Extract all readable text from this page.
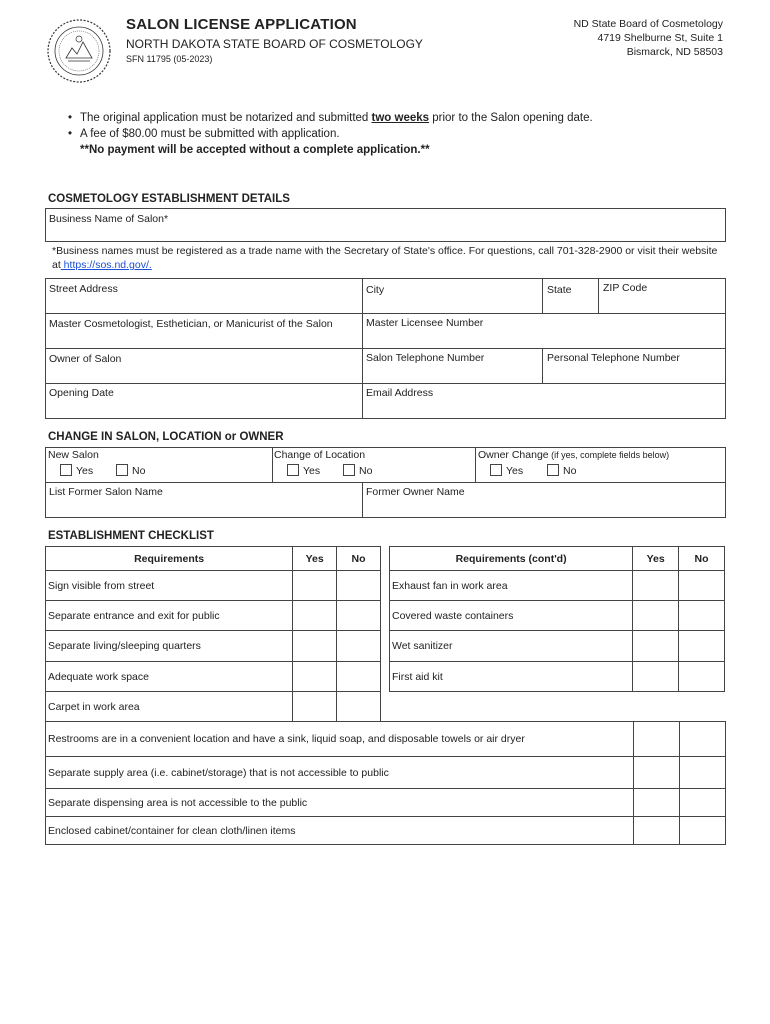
SALON LICENSE APPLICATION
NORTH DAKOTA STATE BOARD OF COSMETOLOGY
SFN 11795 (05-2023)
ND State Board of Cosmetology
4719 Shelburne St, Suite 1
Bismarck, ND 58503
• The original application must be notarized and submitted two weeks prior to the Salon opening date.
• A fee of $80.00 must be submitted with application.
**No payment will be accepted without a complete application.**
COSMETOLOGY ESTABLISHMENT DETAILS
Business Name of Salon*
*Business names must be registered as a trade name with the Secretary of State's office. For questions, call 701-328-2900 or visit their website at https://sos.nd.gov/.
Street Address	City	State	ZIP Code
Master Cosmetologist, Esthetician, or Manicurist of the Salon	Master Licensee Number
Owner of Salon	Salon Telephone Number	Personal Telephone Number
Opening Date	Email Address
CHANGE IN SALON, LOCATION or OWNER
New Salon	Change of Location	Owner Change (if yes, complete fields below)
Yes	No	Yes	No	Yes	No
List Former Salon Name	Former Owner Name
ESTABLISHMENT CHECKLIST
Requirements	Yes	No
Sign visible from street		
Separate entrance and exit for public		
Separate living/sleeping quarters		
Adequate work space		
Carpet in work area		
Requirements (cont'd)	Yes	No
Exhaust fan in work area		
Covered waste containers		
Wet sanitizer		
First aid kit		
Restrooms are in a convenient location and have a sink, liquid soap, and disposable towels or air dryer		
Separate supply area (i.e. cabinet/storage) that is not accessible to public		
Separate dispensing area is not accessible to the public		
Enclosed cabinet/container for clean cloth/linen items		
